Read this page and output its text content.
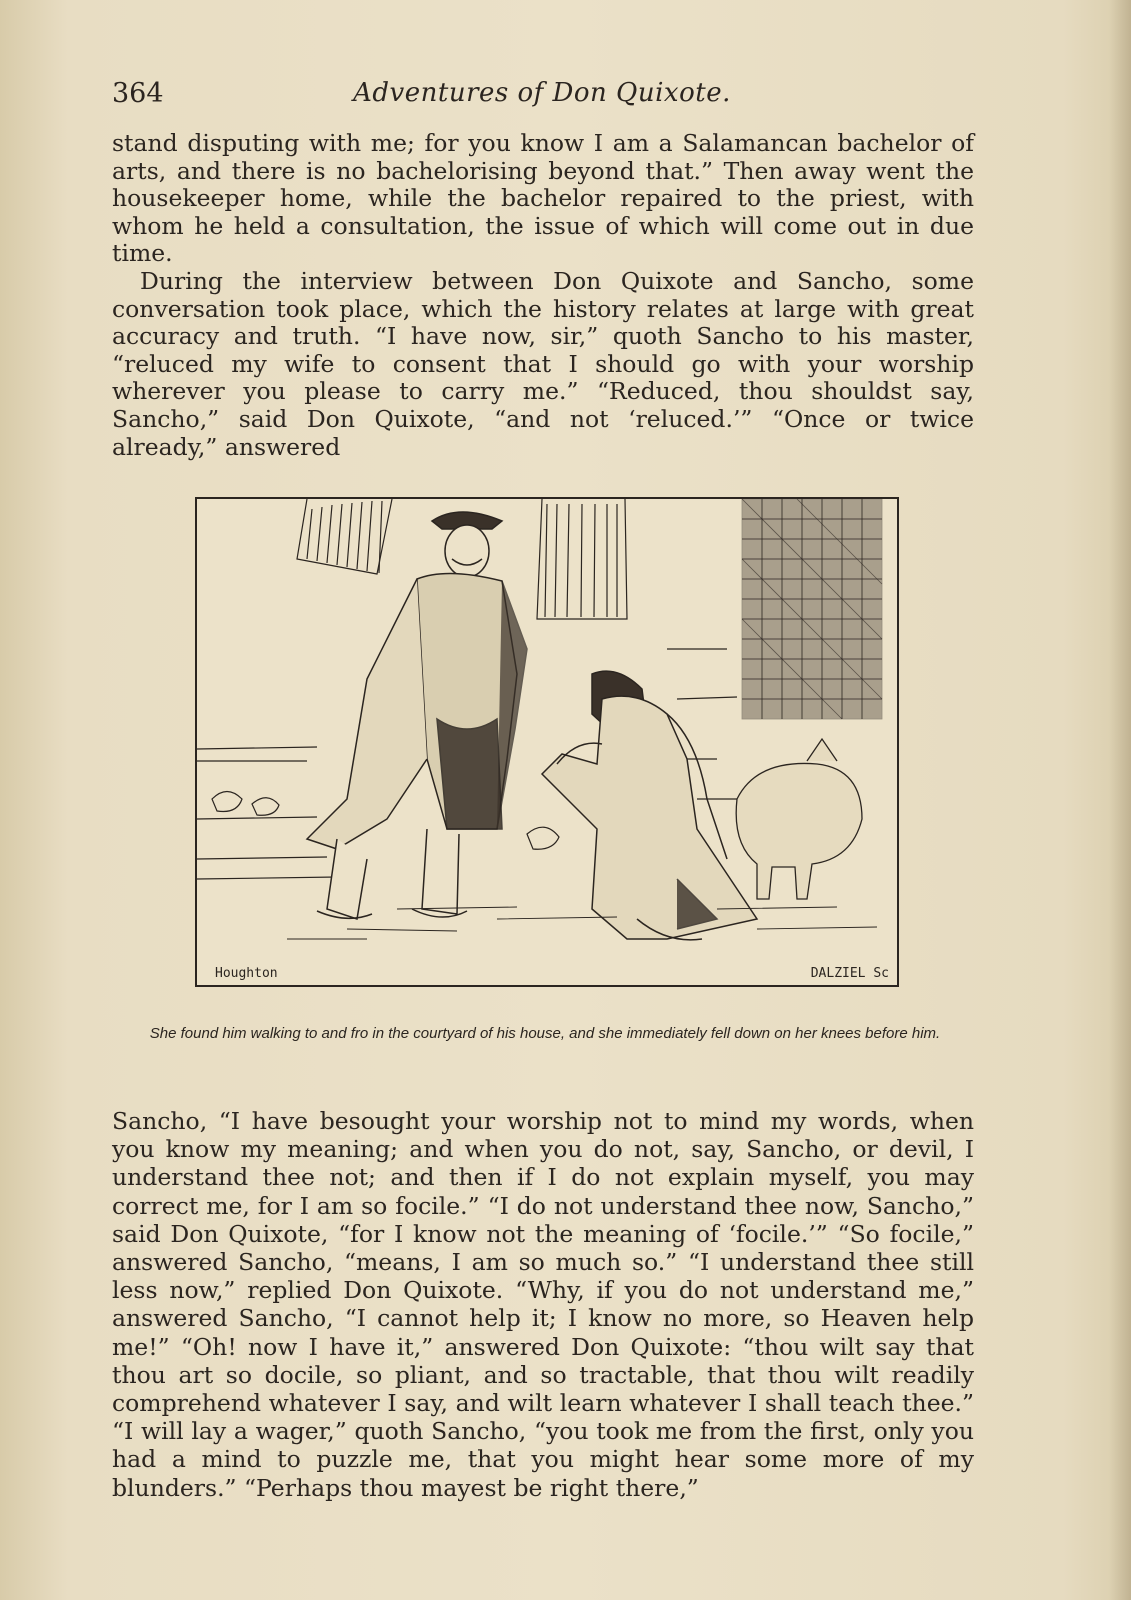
364	Adventures of Don Quixote.

stand disputing with me; for you know I am a Salamancan bachelor of arts, and there is no bachelorising beyond that.” Then away went the housekeeper home, while the bachelor repaired to the priest, with whom he held a consultation, the issue of which will come out in due time.

During the interview between Don Quixote and Sancho, some conversation took place, which the history relates at large with great accuracy and truth. “I have now, sir,” quoth Sancho to his master, “reluced my wife to consent that I should go with your worship wherever you please to carry me.” “Reduced, thou shouldst say, Sancho,” said Don Quixote, “and not ‘reluced.’” “Once or twice already,” answered

Houghton	DALZIEL Sc
She found him walking to and fro in the courtyard of his house, and she immediately fell down on her knees before him.

Sancho, “I have besought your worship not to mind my words, when you know my meaning; and when you do not, say, Sancho, or devil, I understand thee not; and then if I do not explain myself, you may correct me, for I am so focile.” “I do not understand thee now, Sancho,” said Don Quixote, “for I know not the meaning of ‘focile.’” “So focile,” answered Sancho, “means, I am so much so.” “I understand thee still less now,” replied Don Quixote. “Why, if you do not understand me,” answered Sancho, “I cannot help it; I know no more, so Heaven help me!” “Oh! now I have it,” answered Don Quixote: “thou wilt say that thou art so docile, so pliant, and so tractable, that thou wilt readily comprehend whatever I say, and wilt learn whatever I shall teach thee.” “I will lay a wager,” quoth Sancho, “you took me from the first, only you had a mind to puzzle me, that you might hear some more of my blunders.” “Perhaps thou mayest be right there,”
